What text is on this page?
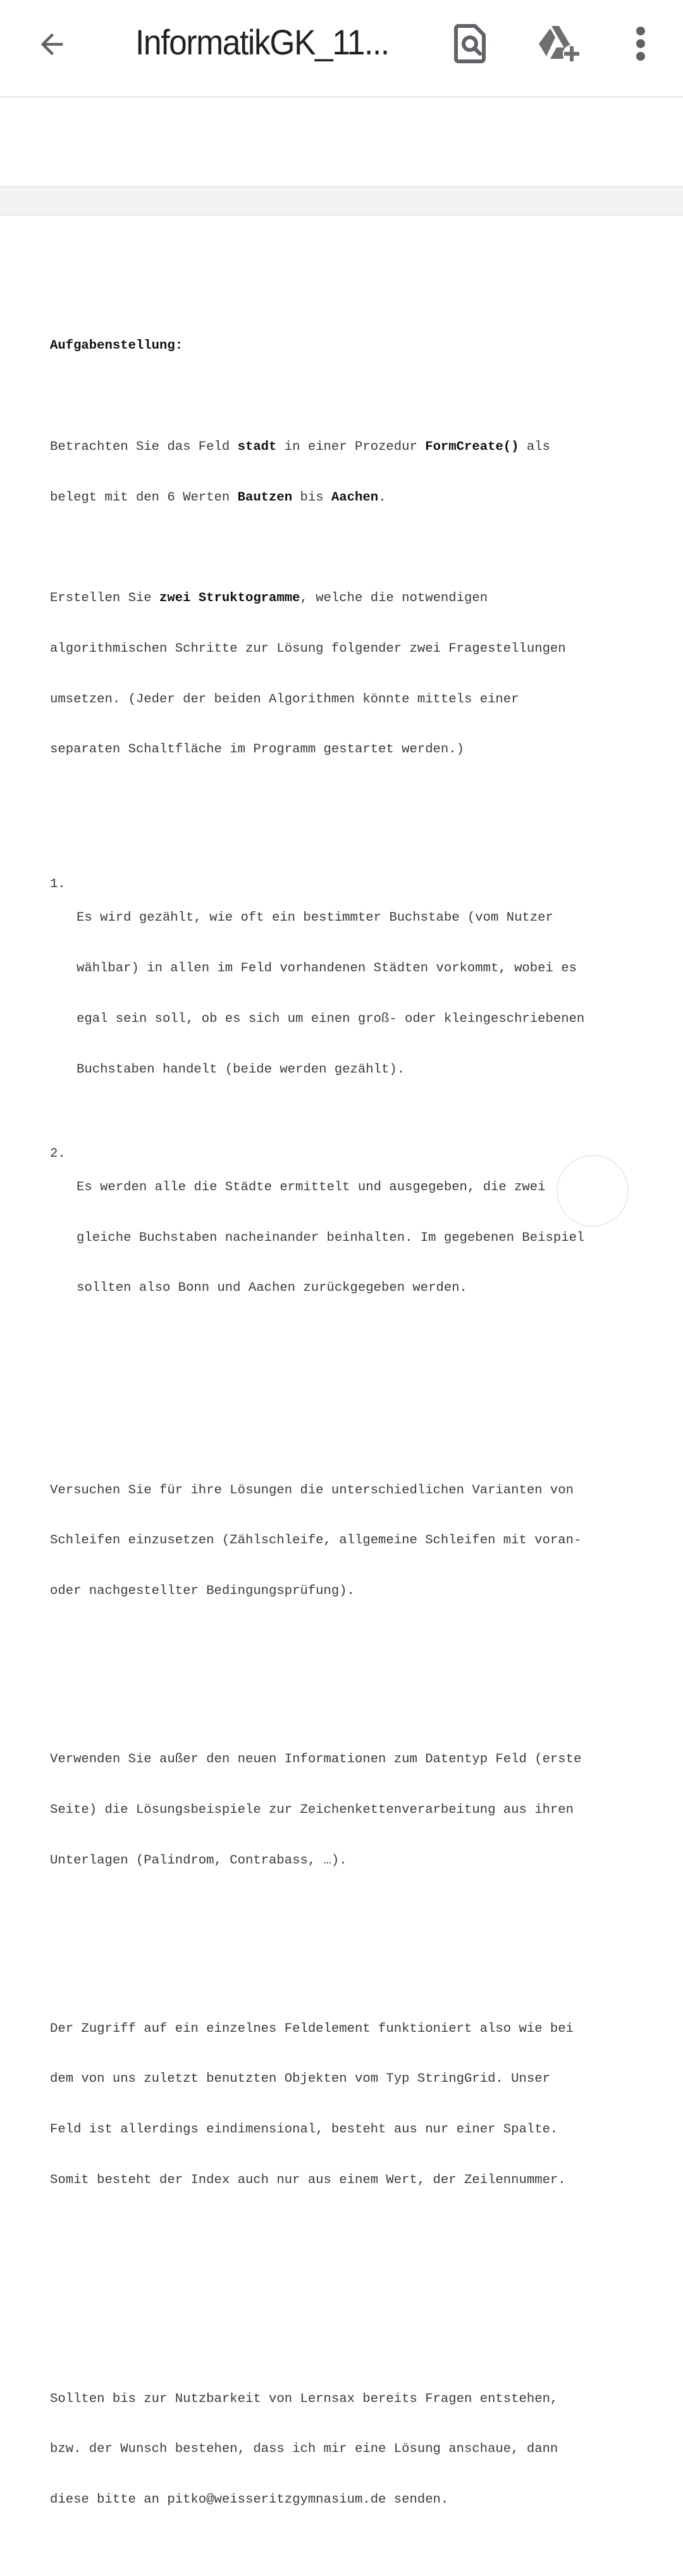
InformatikGK_11...

Aufgabenstellung:

Betrachten Sie das Feld stadt in einer Prozedur FormCreate() als

belegt mit den 6 Werten Bautzen bis Aachen.

Erstellen Sie zwei Struktogramme, welche die notwendigen

algorithmischen Schritte zur Lösung folgender zwei Fragestellungen

umsetzen. (Jeder der beiden Algorithmen könnte mittels einer

separaten Schaltfläche im Programm gestartet werden.)

1.

Es wird gezählt, wie oft ein bestimmter Buchstabe (vom Nutzer

wählbar) in allen im Feld vorhandenen Städten vorkommt, wobei es

egal sein soll, ob es sich um einen groß- oder kleingeschriebenen

Buchstaben handelt (beide werden gezählt).

2.

Es werden alle die Städte ermittelt und ausgegeben, die zwei

gleiche Buchstaben nacheinander beinhalten. Im gegebenen Beispiel

sollten also Bonn und Aachen zurückgegeben werden.

Versuchen Sie für ihre Lösungen die unterschiedlichen Varianten von

Schleifen einzusetzen (Zählschleife, allgemeine Schleifen mit voran-

oder nachgestellter Bedingungsprüfung).

Verwenden Sie außer den neuen Informationen zum Datentyp Feld (erste

Seite) die Lösungsbeispiele zur Zeichenkettenverarbeitung aus ihren

Unterlagen (Palindrom, Contrabass, …).

Der Zugriff auf ein einzelnes Feldelement funktioniert also wie bei

dem von uns zuletzt benutzten Objekten vom Typ StringGrid. Unser

Feld ist allerdings eindimensional, besteht aus nur einer Spalte.

Somit besteht der Index auch nur aus einem Wert, der Zeilennummer.

Sollten bis zur Nutzbarkeit von Lernsax bereits Fragen entstehen,

bzw. der Wunsch bestehen, dass ich mir eine Lösung anschaue, dann

diese bitte an pitko@weisseritzgymnasium.de senden.
